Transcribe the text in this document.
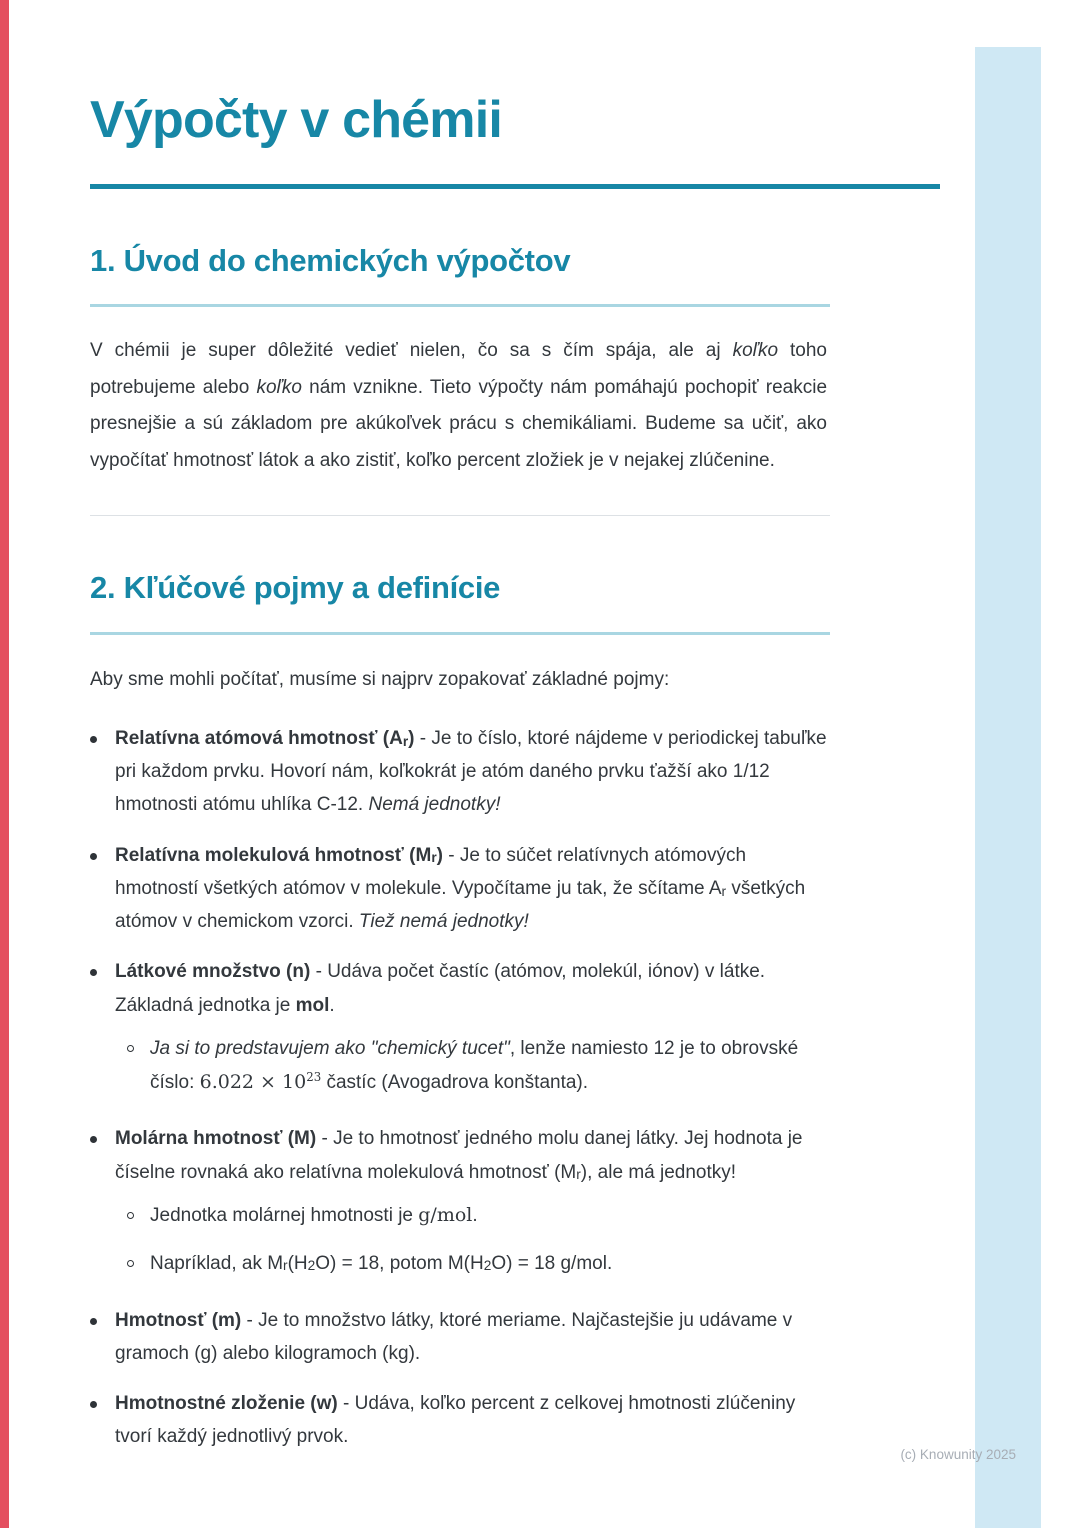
Výpočty v chémii
1. Úvod do chemických výpočtov

V chémii je super dôležité vedieť nielen, čo sa s čím spája, ale aj koľko toho potrebujeme alebo koľko nám vznikne. Tieto výpočty nám pomáhajú pochopiť reakcie presnejšie a sú základom pre akúkoľvek prácu s chemikáliami. Budeme sa učiť, ako vypočítať hmotnosť látok a ako zistiť, koľko percent zložiek je v nejakej zlúčenine.

2. Kľúčové pojmy a definície

Aby sme mohli počítať, musíme si najprv zopakovať základné pojmy:

Relatívna atómová hmotnosť $(A_r)$ - Je to číslo, ktoré nájdeme v periodickej tabuľke pri každom prvku. Hovorí nám, koľkokrát je atóm daného prvku ťažší ako 1/12 hmotnosti atómu uhlíka C-12. Nemá jednotky!
Relatívna molekulová hmotnosť $(M_r)$ - Je to súčet relatívnych atómových hmotností všetkých atómov v molekule. Vypočítame ju tak, že sčítame $A_r$ všetkých atómov v chemickom vzorci. Tiež nemá jednotky!
Látkové množstvo (n) - Udáva počet častíc (atómov, molekúl, iónov) v látke. Základná jednotka je mol.
Ja si to predstavujem ako "chemický tucet", lenže namiesto 12 je to obrovské číslo: $6.022 \times 10^{23}$ častíc (Avogadrova konštanta).
Molárna hmotnosť (M) - Je to hmotnosť jedného molu danej látky. Jej hodnota je číselne rovnaká ako relatívna molekulová hmotnosť $(M_r)$, ale má jednotky!
Jednotka molárnej hmotnosti je g/mol.
Napríklad, ak $M_r(H_2O) = 18$, potom $M(H_2O) = 18$ g/mol.
Hmotnosť (m) - Je to množstvo látky, ktoré meriame. Najčastejšie ju udávame v gramoch (g) alebo kilogramoch (kg).
Hmotnostné zloženie (w) - Udáva, koľko percent z celkovej hmotnosti zlúčeniny tvorí každý jednotlivý prvok.
(c) Knowunity 2025
